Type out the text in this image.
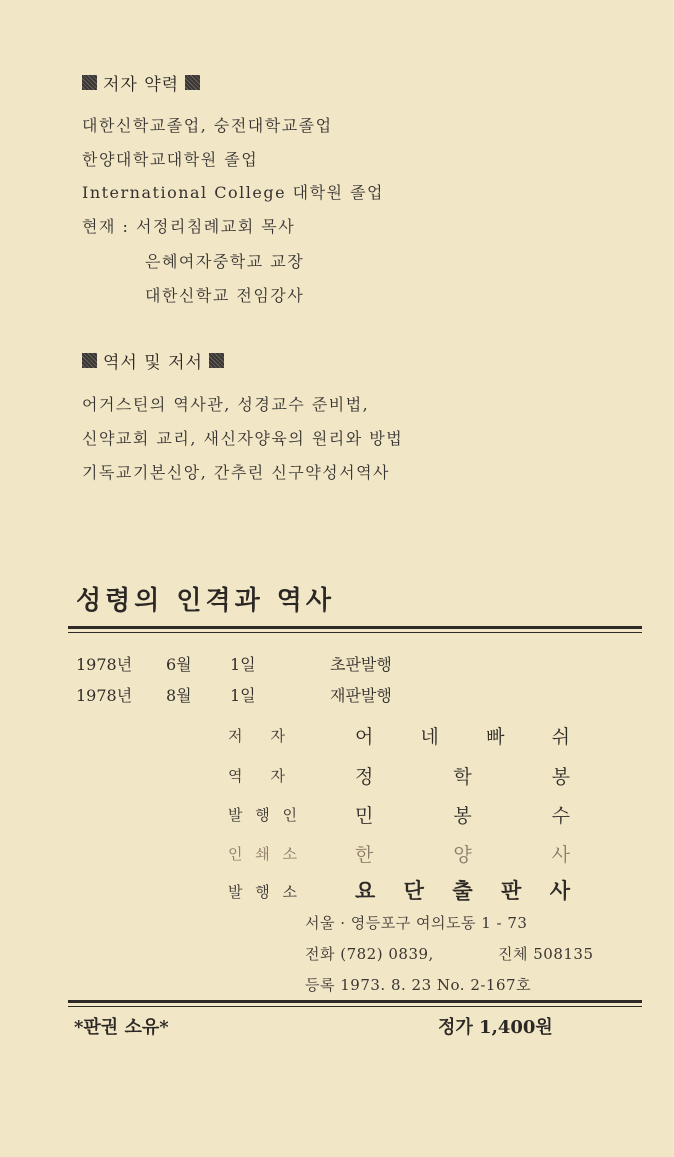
저자 약력
대한신학교졸업, 숭전대학교졸업
한양대학교대학원 졸업
International College 대학원 졸업
현재 : 서정리침례교회 목사
은혜여자중학교 교장
대한신학교 전임강사
역서 및 저서
어거스틴의 역사관, 성경교수 준비법,
신약교회 교리, 새신자양육의 원리와 방법
기독교기본신앙, 간추린 신구약성서역사
성령의 인격과 역사
1978년 6월 1일	초판발행
1978년 8월 1일	재판발행
저 자	어 네 빠 쉬
역 자	정	학	봉
발 행 인	민	봉	수
인 쇄 소	한	양	사
발 행 소	요 단 출 판 사
서울 · 영등포구 여의도동 1 - 73
전화 (782) 0839,	진체 508135
등록 1973. 8. 23 No. 2-167호
*판권 소유*	정가 1,400원
